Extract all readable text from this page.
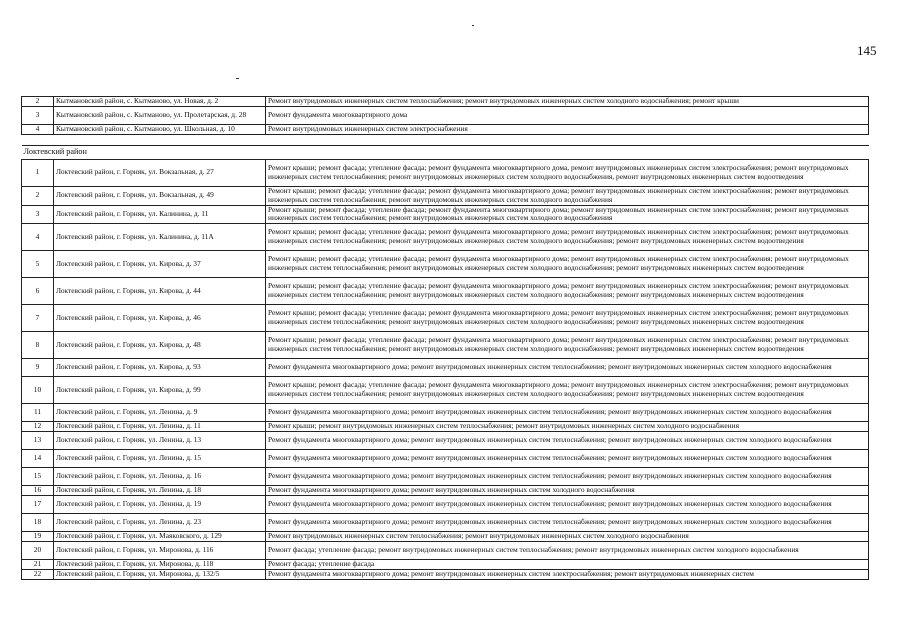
145
2	Кытмановский район, с. Кытманово, ул. Новая, д. 2	Ремонт внутридомовых инженерных систем теплоснабжения; ремонт внутридомовых инженерных систем холодного водоснабжения; ремонт крыши
3	Кытмановский район, с. Кытманово, ул. Пролетарская, д. 28	Ремонт фундамента многоквартирного дома
4	Кытмановский район, с. Кытманово, ул. Школьная, д. 10	Ремонт внутридомовых инженерных систем электроснабжения

Локтевский район		
1	Локтевский район, г. Горняк, ул. Вокзальная, д. 27	Ремонт крыши; ремонт фасада; утепление фасада; ремонт фундамента многоквартирного дома, ремонт внутридомовых инженерных систем электроснабжения; ремонт внутридомовых инженерных систем теплоснабжения; ремонт внутридомовых инженерных систем холодного водоснабжения, ремонт внутридомовых инженерных систем водоотведения
2	Локтевский район, г. Горняк, ул. Вокзальная, д. 49	Ремонт крыши; ремонт фасада; утепление фасада; ремонт фундамента многоквартирного дома; ремонт внутридомовых инженерных систем электроснабжения; ремонт внутридомовых инженерных систем теплоснабжения; ремонт внутридомовых инженерных систем холодного водоснабжения
3	Локтевский район, г. Горняк, ул. Калинина, д. 11	Ремонт крыши; ремонт фасада; утепление фасада; ремонт фундамента многоквартирного дома; ремонт внутридомовых инженерных систем электроснабжения; ремонт внутридомовых инженерных систем теплоснабжения; ремонт внутридомовых инженерных систем холодного водоснабжения
4	Локтевский район, г. Горняк, ул. Калинина, д. 11А	Ремонт крыши; ремонт фасада; утепление фасада; ремонт фундамента многоквартирного дома; ремонт внутридомовых инженерных систем электроснабжения; ремонт внутридомовых инженерных систем теплоснабжения; ремонт внутридомовых инженерных систем холодного водоснабжения; ремонт внутридомовых инженерных систем водоотведения
5	Локтевский район, г. Горняк, ул. Кирова, д. 37	Ремонт крыши; ремонт фасада; утепление фасада; ремонт фундамента многоквартирного дома; ремонт внутридомовых инженерных систем электроснабжения; ремонт внутридомовых инженерных систем теплоснабжения; ремонт внутридомовых инженерных систем холодного водоснабжения; ремонт внутридомовых инженерных систем водоотведения
6	Локтевский район, г. Горняк, ул. Кирова, д. 44	Ремонт крыши; ремонт фасада; утепление фасада; ремонт фундамента многоквартирного дома; ремонт внутридомовых инженерных систем электроснабжения; ремонт внутридомовых инженерных систем теплоснабжения; ремонт внутридомовых инженерных систем холодного водоснабжения; ремонт внутридомовых инженерных систем водоотведения
7	Локтевский район, г. Горняк, ул. Кирова, д. 46	Ремонт крыши; ремонт фасада; утепление фасада; ремонт фундамента многоквартирного дома; ремонт внутридомовых инженерных систем электроснабжения; ремонт внутридомовых инженерных систем теплоснабжения; ремонт внутридомовых инженерных систем холодного водоснабжения; ремонт внутридомовых инженерных систем водоотведения
8	Локтевский район, г. Горняк, ул. Кирова, д. 48	Ремонт крыши; ремонт фасада; утепление фасада; ремонт фундамента многоквартирного дома; ремонт внутридомовых инженерных систем электроснабжения; ремонт внутридомовых инженерных систем теплоснабжения; ремонт внутридомовых инженерных систем холодного водоснабжения; ремонт внутридомовых инженерных систем водоотведения
9	Локтевский район, г. Горняк, ул. Кирова, д. 93	Ремонт фундамента многоквартирного дома; ремонт внутридомовых инженерных систем теплоснабжения; ремонт внутридомовых инженерных систем холодного водоснабжения
10	Локтевский район, г. Горняк, ул. Кирова, д. 99	Ремонт крыши; ремонт фасада; утепление фасада; ремонт фундамента многоквартирного дома; ремонт внутридомовых инженерных систем электроснабжения; ремонт внутридомовых инженерных систем теплоснабжения; ремонт внутридомовых инженерных систем холодного водоснабжения; ремонт внутридомовых инженерных систем водоотведения
11	Локтевский район, г. Горняк, ул. Ленина, д. 9	Ремонт фундамента многоквартирного дома; ремонт внутридомовых инженерных систем теплоснабжения; ремонт внутридомовых инженерных систем холодного водоснабжения
12	Локтевский район, г. Горняк, ул. Ленина, д. 11	Ремонт крыши; ремонт внутридомовых инженерных систем теплоснабжения; ремонт внутридомовых инженерных систем холодного водоснабжения
13	Локтевский район, г. Горняк, ул. Ленина, д. 13	Ремонт фундамента многоквартирного дома; ремонт внутридомовых инженерных систем теплоснабжения; ремонт внутридомовых инженерных систем холодного водоснабжения
14	Локтевский район, г. Горняк, ул. Ленина, д. 15	Ремонт фундамента многоквартирного дома; ремонт внутридомовых инженерных систем теплоснабжения; ремонт внутридомовых инженерных систем холодного водоснабжения
15	Локтевский район, г. Горняк, ул. Ленина, д. 16	Ремонт фундамента многоквартирного дома; ремонт внутридомовых инженерных систем теплоснабжения; ремонт внутридомовых инженерных систем холодного водоснабжения
16	Локтевский район, г. Горняк, ул. Ленина, д. 18	Ремонт фундамента многоквартирного дома; ремонт внутридомовых инженерных систем холодного водоснабжения
17	Локтевский район, г. Горняк, ул. Ленина, д. 19	Ремонт фундамента многоквартирного дома; ремонт внутридомовых инженерных систем теплоснабжения; ремонт внутридомовых инженерных систем холодного водоснабжения
18	Локтевский район, г. Горняк, ул. Ленина, д. 23	Ремонт фундамента многоквартирного дома; ремонт внутридомовых инженерных систем теплоснабжения; ремонт внутридомовых инженерных систем холодного водоснабжения
19	Локтевский район, г. Горняк, ул. Маяковского, д. 129	Ремонт внутридомовых инженерных систем теплоснабжения; ремонт внутридомовых инженерных систем холодного водоснабжения
20	Локтевский район, г. Горняк, ул. Миронова, д. 116	Ремонт фасада; утепление фасада; ремонт внутридомовых инженерных систем теплоснабжения; ремонт внутридомовых инженерных систем холодного водоснабжения
21	Локтевский район, г. Горняк, ул. Миронова, д. 118	Ремонт фасада; утепление фасада
22	Локтевский район, г. Горняк, ул. Миронова, д. 132/5	Ремонт фундамента многоквартирного дома; ремонт внутридомовых инженерных систем электроснабжения; ремонт внутридомовых инженерных систем
